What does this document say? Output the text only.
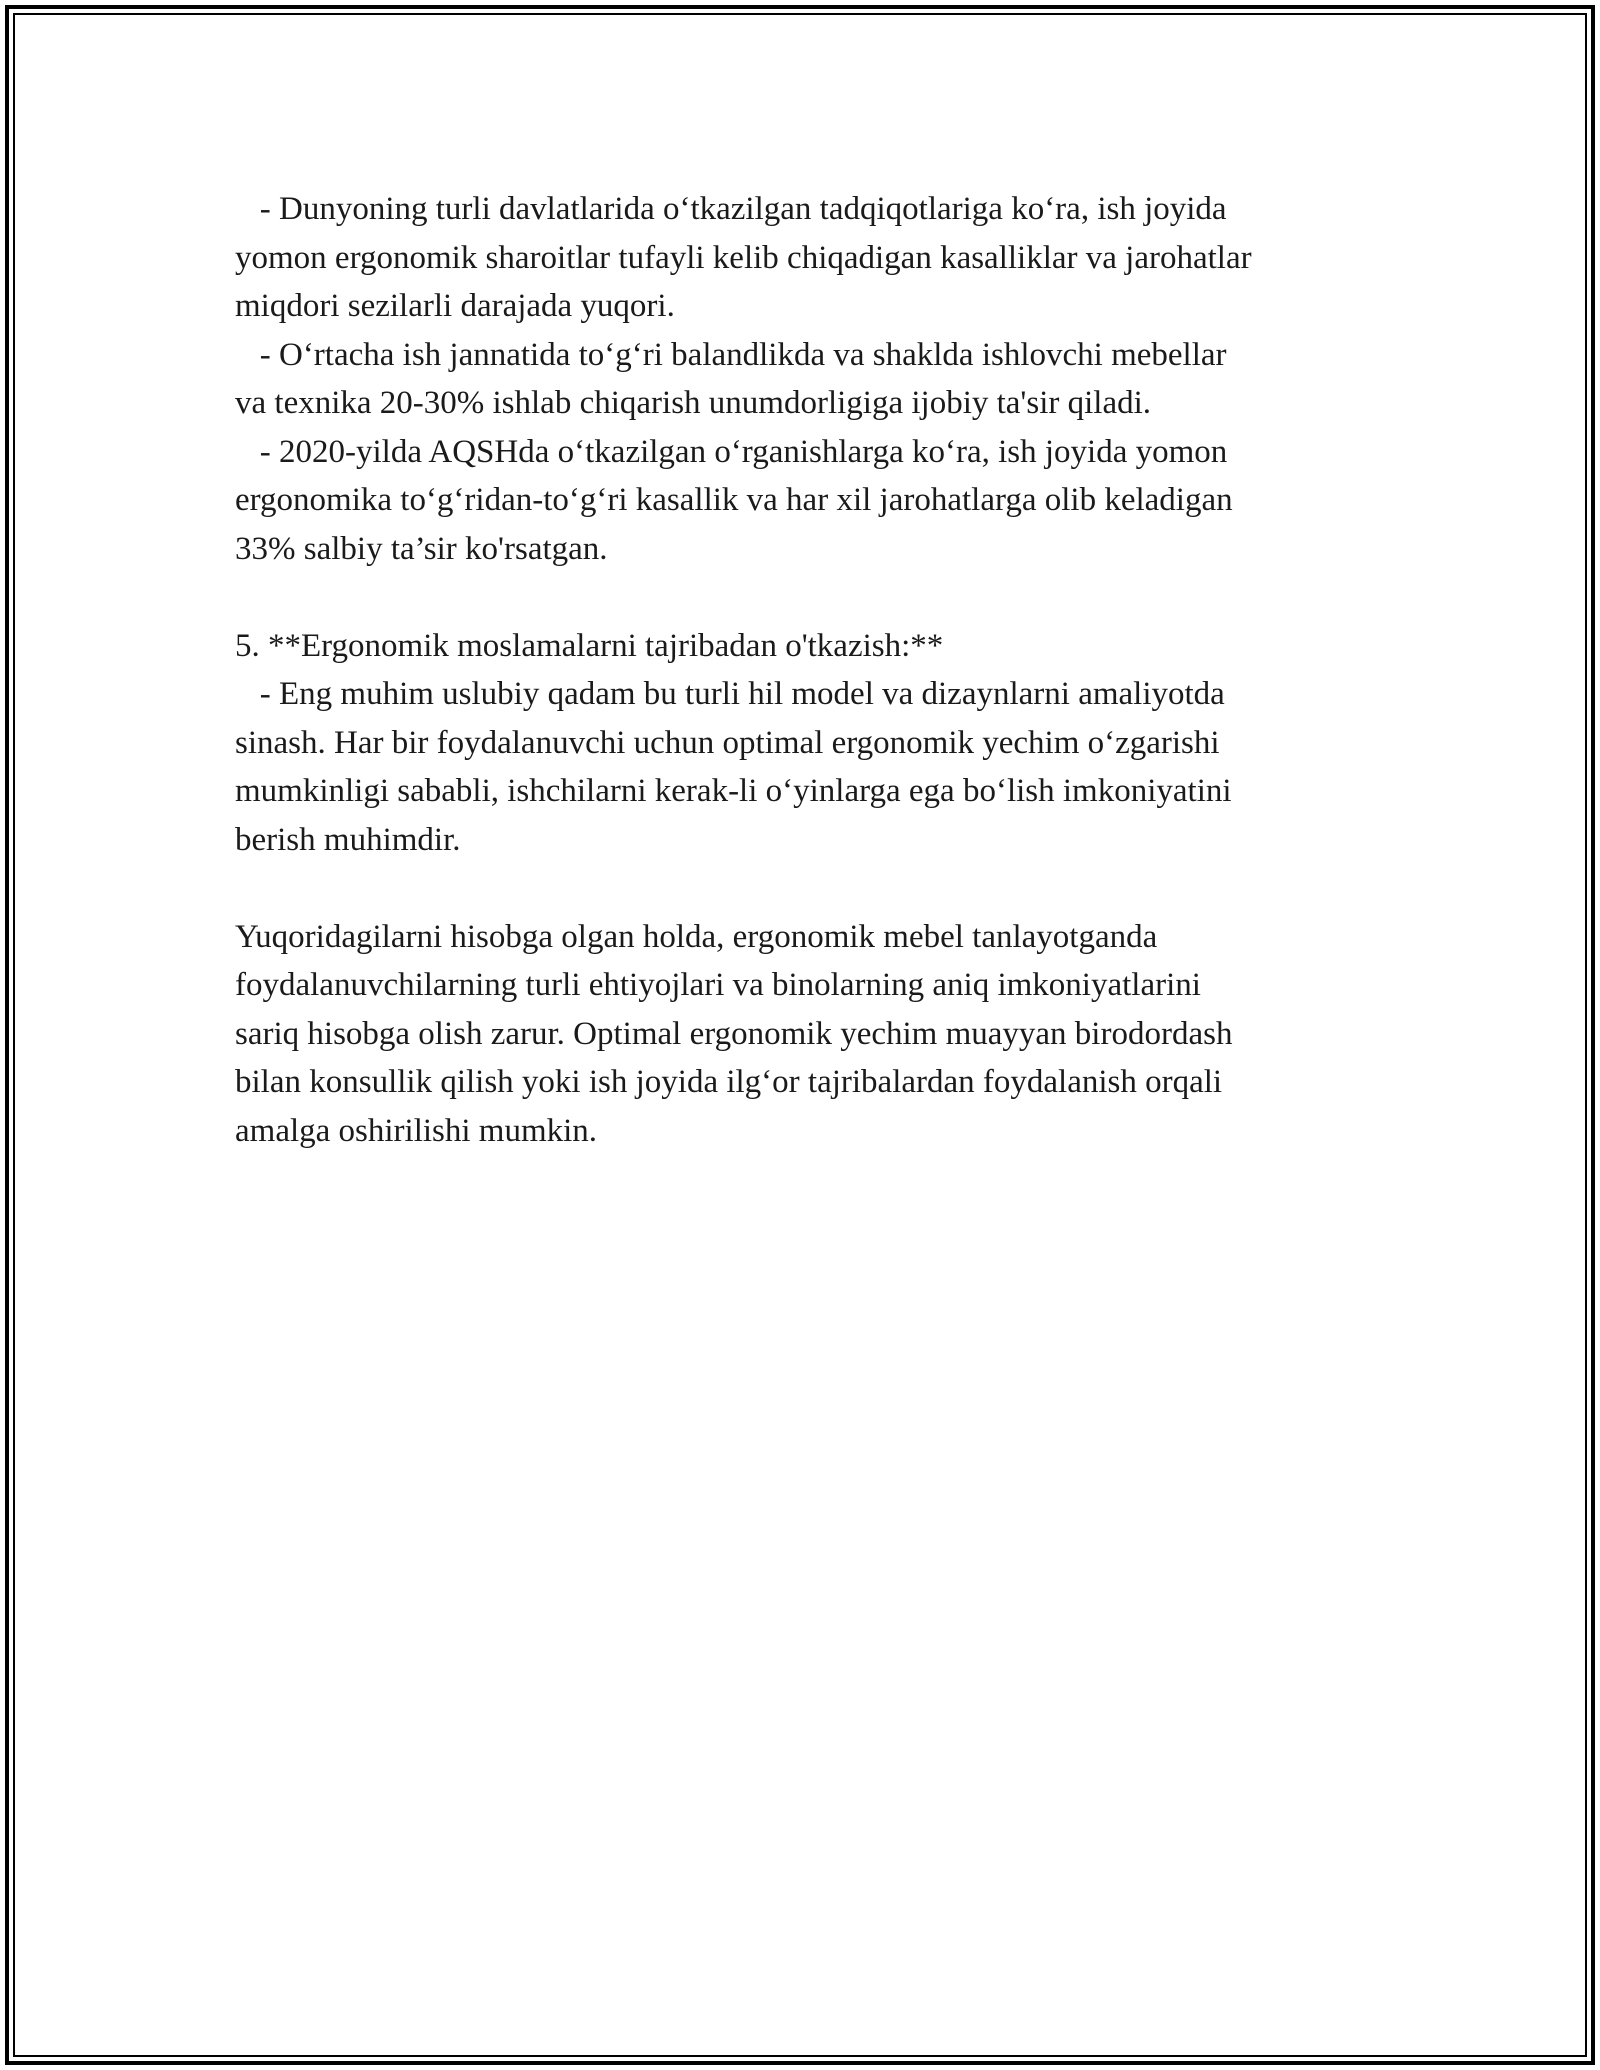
- Dunyoning turli davlatlarida o‘tkazilgan tadqiqotlariga ko‘ra, ish joyida
yomon ergonomik sharoitlar tufayli kelib chiqadigan kasalliklar va jarohatlar
miqdori sezilarli darajada yuqori.
- O‘rtacha ish jannatida to‘g‘ri balandlikda va shaklda ishlovchi mebellar
va texnika 20-30% ishlab chiqarish unumdorligiga ijobiy ta'sir qiladi.
- 2020-yilda AQSHda o‘tkazilgan o‘rganishlarga ko‘ra, ish joyida yomon
ergonomika to‘g‘ridan-to‘g‘ri kasallik va har xil jarohatlarga olib keladigan
33% salbiy ta’sir ko'rsatgan.
5. **Ergonomik moslamalarni tajribadan o'tkazish:**
- Eng muhim uslubiy qadam bu turli hil model va dizaynlarni amaliyotda
sinash. Har bir foydalanuvchi uchun optimal ergonomik yechim o‘zgarishi
mumkinligi sababli, ishchilarni kerak-li o‘yinlarga ega bo‘lish imkoniyatini
berish muhimdir.
Yuqoridagilarni hisobga olgan holda, ergonomik mebel tanlayotganda
foydalanuvchilarning turli ehtiyojlari va binolarning aniq imkoniyatlarini
sariq hisobga olish zarur. Optimal ergonomik yechim muayyan birodordash
bilan konsullik qilish yoki ish joyida ilg‘or tajribalardan foydalanish orqali
amalga oshirilishi mumkin.
